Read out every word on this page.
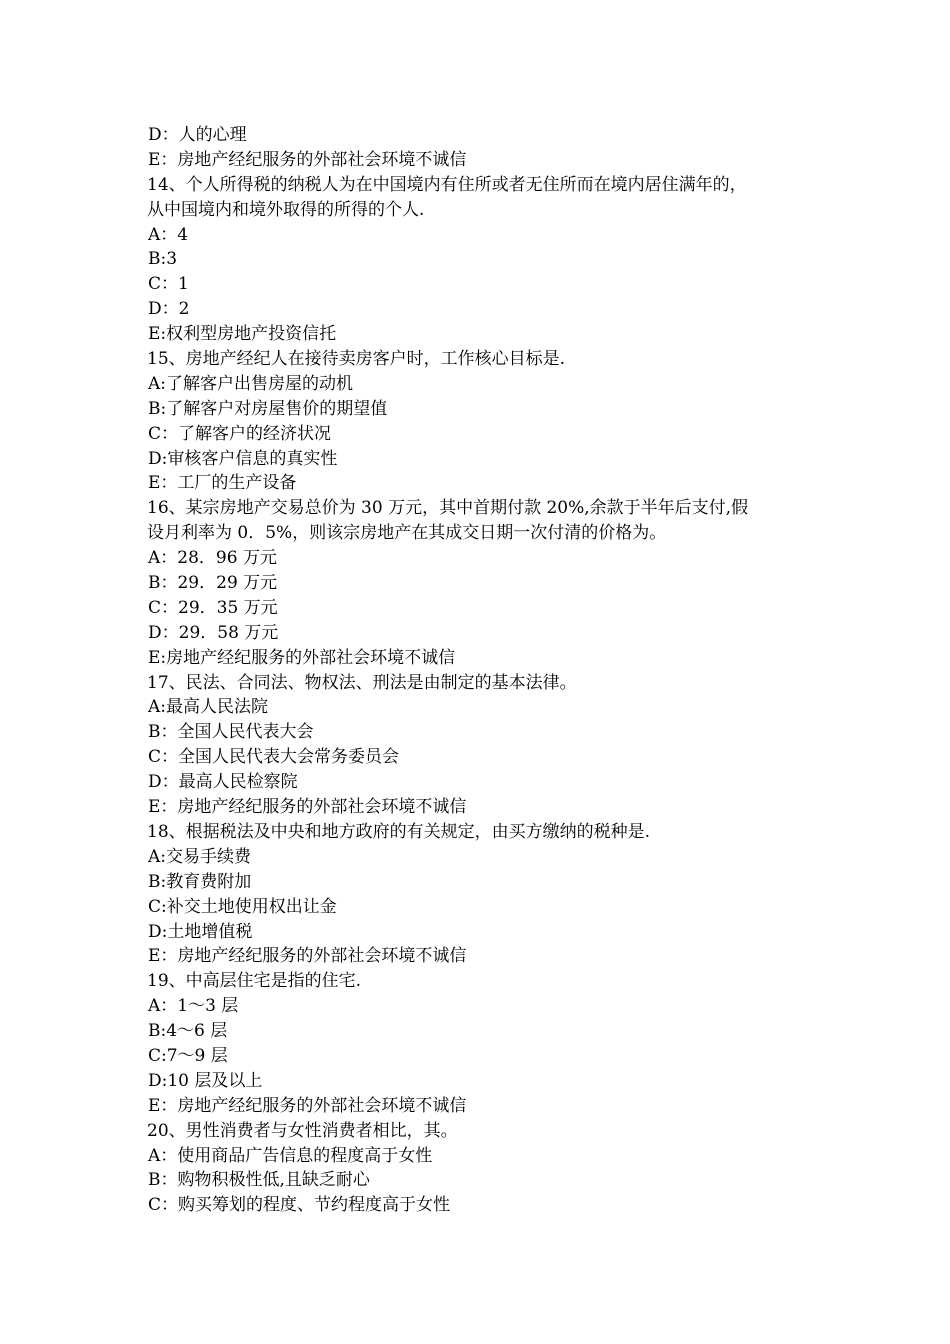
D：人的心理
E：房地产经纪服务的外部社会环境不诚信
14、个人所得税的纳税人为在中国境内有住所或者无住所而在境内居住满年的，
从中国境内和境外取得的所得的个人.
A：4
B:3
C：1
D：2
E:权利型房地产投资信托
15、房地产经纪人在接待卖房客户时，工作核心目标是.
A:了解客户出售房屋的动机
B:了解客户对房屋售价的期望值
C：了解客户的经济状况
D:审核客户信息的真实性
E：工厂的生产设备
16、某宗房地产交易总价为 30 万元，其中首期付款 20%,余款于半年后支付,假
设月利率为 0．5%，则该宗房地产在其成交日期一次付清的价格为。
A：28．96 万元
B：29．29 万元
C：29．35 万元
D：29．58 万元
E:房地产经纪服务的外部社会环境不诚信
17、民法、合同法、物权法、刑法是由制定的基本法律。
A:最高人民法院
B：全国人民代表大会
C：全国人民代表大会常务委员会
D：最高人民检察院
E：房地产经纪服务的外部社会环境不诚信
18、根据税法及中央和地方政府的有关规定，由买方缴纳的税种是.
A:交易手续费
B:教育费附加
C:补交土地使用权出让金
D:土地增值税
E：房地产经纪服务的外部社会环境不诚信
19、中高层住宅是指的住宅.
A：1～3 层
B:4～6 层
C:7～9 层
D:10 层及以上
E：房地产经纪服务的外部社会环境不诚信
20、男性消费者与女性消费者相比，其。
A：使用商品广告信息的程度高于女性
B：购物积极性低,且缺乏耐心
C：购买筹划的程度、节约程度高于女性
